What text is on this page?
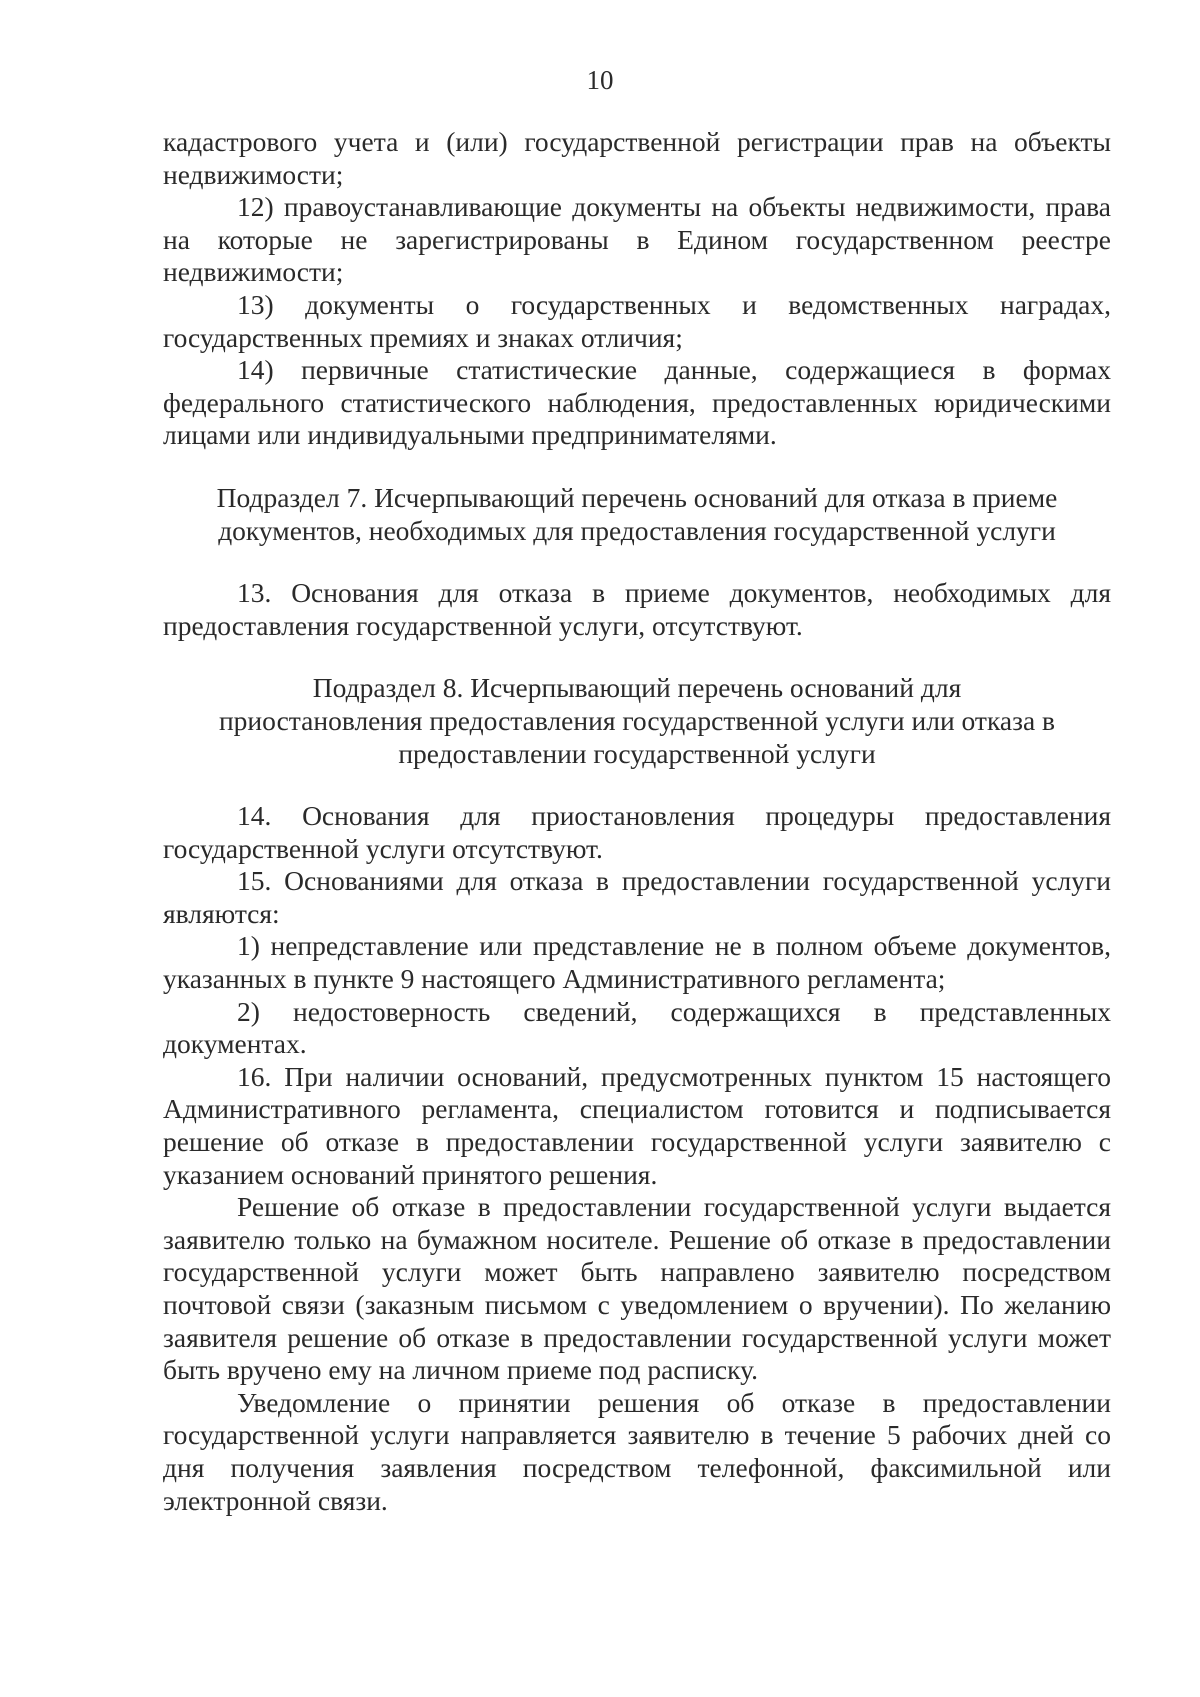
10

кадастрового учета и (или) государственной регистрации прав на объекты недвижимости;

12) правоустанавливающие документы на объекты недвижимости, права на которые не зарегистрированы в Едином государственном реестре недвижимости;

13) документы о государственных и ведомственных наградах, государственных премиях и знаках отличия;

14) первичные статистические данные, содержащиеся в формах федерального статистического наблюдения, предоставленных юридическими лицами или индивидуальными предпринимателями.

Подраздел 7. Исчерпывающий перечень оснований для отказа в приеме
документов, необходимых для предоставления государственной услуги

13. Основания для отказа в приеме документов, необходимых для предоставления государственной услуги, отсутствуют.

Подраздел 8. Исчерпывающий перечень оснований для
приостановления предоставления государственной услуги или отказа в
предоставлении государственной услуги

14. Основания для приостановления процедуры предоставления государственной услуги отсутствуют.

15. Основаниями для отказа в предоставлении государственной услуги являются:

1) непредставление или представление не в полном объеме документов, указанных в пункте 9 настоящего Административного регламента;

2) недостоверность сведений, содержащихся в представленных документах.

16. При наличии оснований, предусмотренных пунктом 15 настоящего Административного регламента, специалистом готовится и подписывается решение об отказе в предоставлении государственной услуги заявителю с указанием оснований принятого решения.

Решение об отказе в предоставлении государственной услуги выдается заявителю только на бумажном носителе. Решение об отказе в предоставлении государственной услуги может быть направлено заявителю посредством почтовой связи (заказным письмом с уведомлением о вручении). По желанию заявителя решение об отказе в предоставлении государственной услуги может быть вручено ему на личном приеме под расписку.

Уведомление о принятии решения об отказе в предоставлении государственной услуги направляется заявителю в течение 5 рабочих дней со дня получения заявления посредством телефонной, факсимильной или электронной связи.
